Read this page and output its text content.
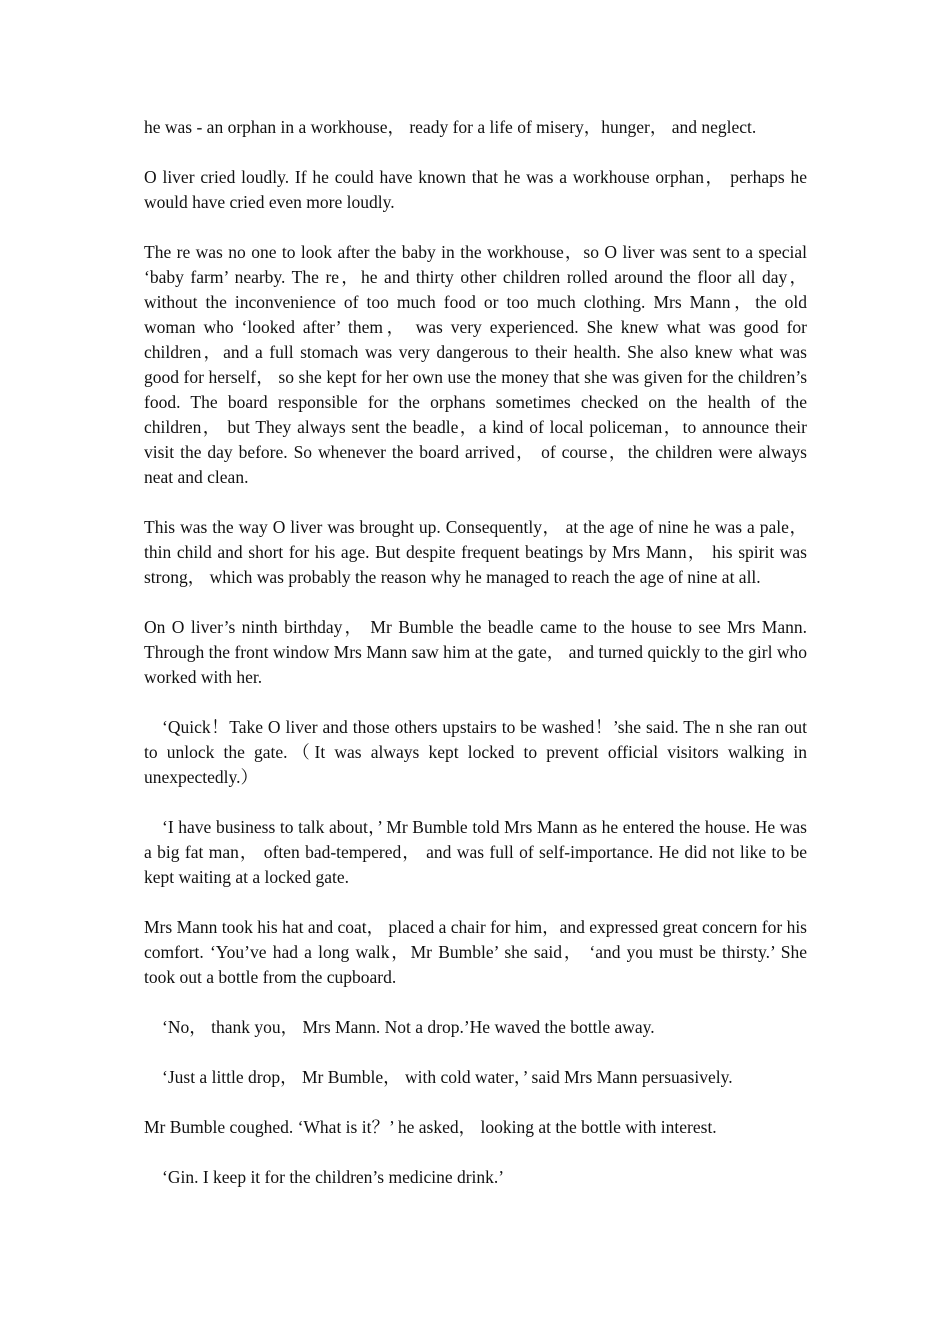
he was - an orphan in a workhouse， ready for a life of misery，hunger， and neglect.

O liver cried loudly. If he could have known that he was a workhouse orphan， perhaps he would have cried even more loudly.

The re was no one to look after the baby in the workhouse，so O liver was sent to a special ‘baby farm’ nearby. The re，he and thirty other children rolled around the floor all day， without the inconvenience of too much food or too much clothing. Mrs Mann，the old woman who ‘looked after’ them， was very experienced. She knew what was good for children，and a full stomach was very dangerous to their health. She also knew what was good for herself， so she kept for her own use the money that she was given for the children’s food. The board responsible for the orphans sometimes checked on the health of the children， but They always sent the beadle，a kind of local policeman，to announce their visit the day before. So whenever the board arrived， of course，the children were always neat and clean.

This was the way O liver was brought up. Consequently， at the age of nine he was a pale，thin child and short for his age. But despite frequent beatings by Mrs Mann， his spirit was strong， which was probably the reason why he managed to reach the age of nine at all.

On O liver’s ninth birthday， Mr Bumble the beadle came to the house to see Mrs Mann. Through the front window Mrs Mann saw him at the gate， and turned quickly to the girl who worked with her.

‘Quick！Take O liver and those others upstairs to be washed！’she said. The n she ran out to unlock the gate.（It was always kept locked to prevent official visitors walking in unexpectedly.）

‘I have business to talk about，’ Mr Bumble told Mrs Mann as he entered the house. He was a big fat man， often bad-tempered， and was full of self-importance. He did not like to be kept waiting at a locked gate.

Mrs Mann took his hat and coat， placed a chair for him，and expressed great concern for his comfort. ‘You’ve had a long walk，Mr Bumble’ she said， ‘and you must be thirsty.’ She took out a bottle from the cupboard.

‘No， thank you， Mrs Mann. Not a drop.’He waved the bottle away.

‘Just a little drop， Mr Bumble， with cold water，’ said Mrs Mann persuasively.

Mr Bumble coughed. ‘What is it？’ he asked， looking at the bottle with interest.

‘Gin. I keep it for the children’s medicine drink.’
